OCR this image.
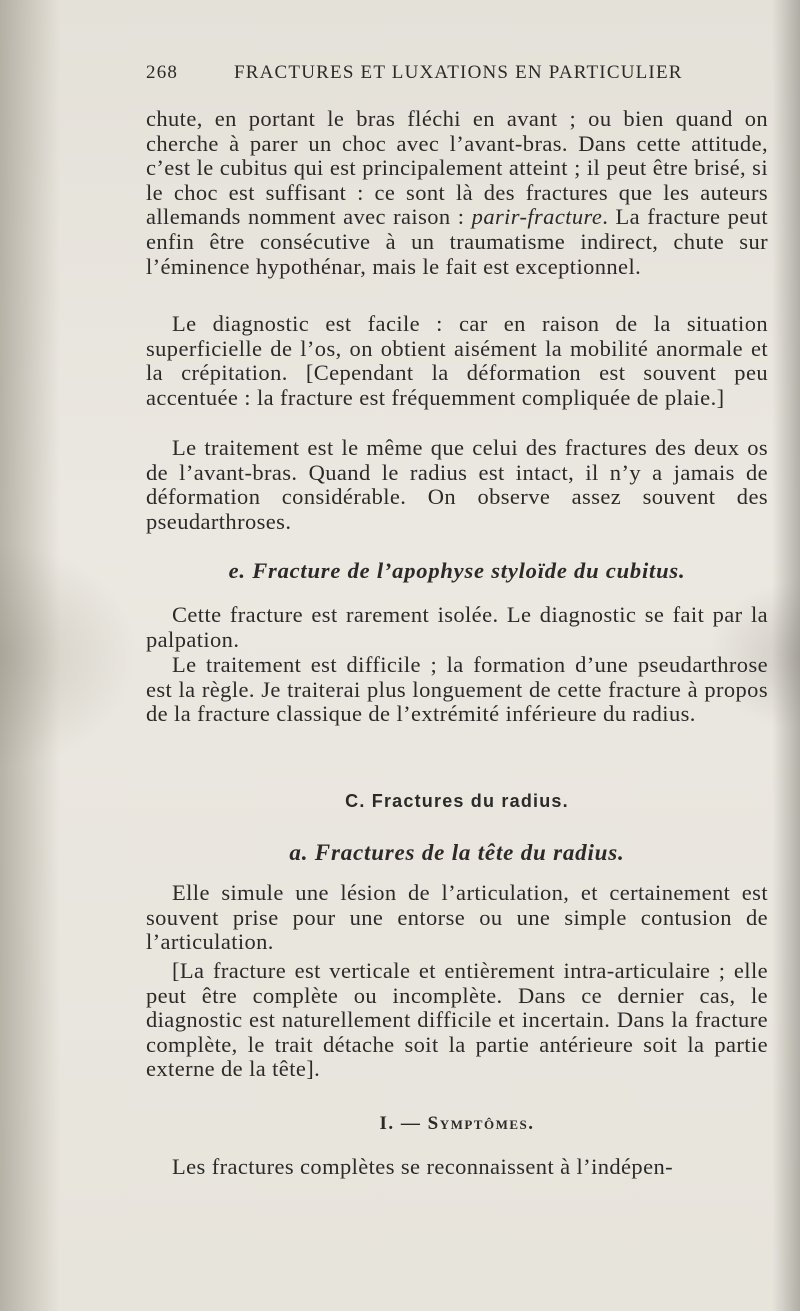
268	FRACTURES ET LUXATIONS EN PARTICULIER

chute, en portant le bras fléchi en avant ; ou bien quand on cherche à parer un choc avec l’avant-bras. Dans cette attitude, c’est le cubitus qui est principalement atteint ; il peut être brisé, si le choc est suffisant : ce sont là des fractures que les auteurs allemands nomment avec raison : parir-fracture. La fracture peut enfin être consécutive à un traumatisme indirect, chute sur l’éminence hypothénar, mais le fait est exceptionnel.

Le diagnostic est facile : car en raison de la situation superficielle de l’os, on obtient aisément la mobilité anormale et la crépitation. [Cependant la déformation est souvent peu accentuée : la fracture est fréquemment compliquée de plaie.]

Le traitement est le même que celui des fractures des deux os de l’avant-bras. Quand le radius est intact, il n’y a jamais de déformation considérable. On observe assez souvent des pseudarthroses.

e. Fracture de l’apophyse styloïde du cubitus.

Cette fracture est rarement isolée. Le diagnostic se fait par la palpation.

Le traitement est difficile ; la formation d’une pseudarthrose est la règle. Je traiterai plus longuement de cette fracture à propos de la fracture classique de l’extrémité inférieure du radius.

C. Fractures du radius.
a. Fractures de la tête du radius.

Elle simule une lésion de l’articulation, et certainement est souvent prise pour une entorse ou une simple contusion de l’articulation.

[La fracture est verticale et entièrement intra-articulaire ; elle peut être complète ou incomplète. Dans ce dernier cas, le diagnostic est naturellement difficile et incertain. Dans la fracture complète, le trait détache soit la partie antérieure soit la partie externe de la tête].

I. — Symptômes.

Les fractures complètes se reconnaissent à l’indépen-
